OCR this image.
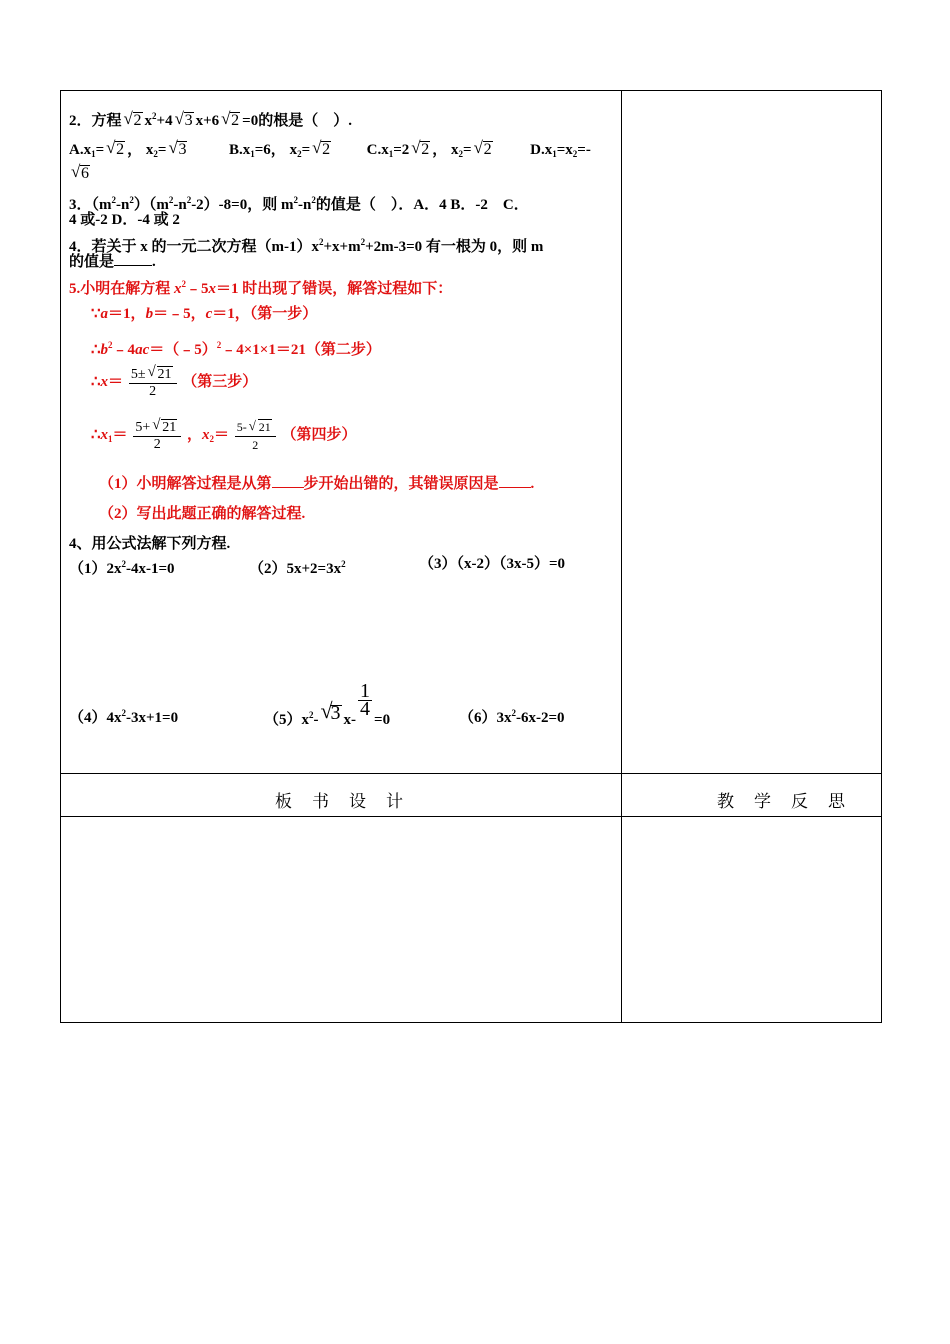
2．方程 √ 2 $x^2+4$ √ 3 x+6 √ 2 =0的根是（　）.
$A.x_1=$ √ 2 ， $x_2=$ √ 3	$B.x_1=6$， $x_2=$ √ 2 $C.x_1=2$ √ 2 ， $x_2=$ √ 2	$D.x_1=x_2=-$
√ 6
3．$(m^2-n^2)(m^2-n^2-2)-8=0$，则 $m^2-n^2$的值是（　）．A．4 B．-2　C．
4 或-2 D．-4 或 2
4．若关于 x 的一元二次方程$(m-1)x^2+x+m^2+2m-3=0$ 有一根为 0，则 m
的值是	.
5.小明在解方程 $x^2﹣5x=1$ 时出现了错误，解答过程如下：
∵a＝1，b＝﹣5，c＝1，（第一步）
$\therefore b^2﹣4ac=(﹣5)^2﹣4\times 1\times 1=21$（第二步）
∴x＝ $\frac{5\pm √ 21}{2}$ （第三步）
$\therefore x_1= \frac{5+ √ 21}{2}$ ，$x_2= \frac{5- √ 21}{2}$ （第四步）
（1）小明解答过程是从第 步开始出错的，其错误原因是 .
（2）写出此题正确的解答过程.
4、用公式法解下列方程.
$(1)2x^2-4x-1=0$	$(2)5x+2=3x^2$	（3）（x-2）（3x-5）=0
$(4)4x^2-3x+1=0$	$(5)x^2-$ √
3 x-
$\frac{1}{4}$
=0	$(6)3x^2-6x-2=0$
板书设计	教学反思
